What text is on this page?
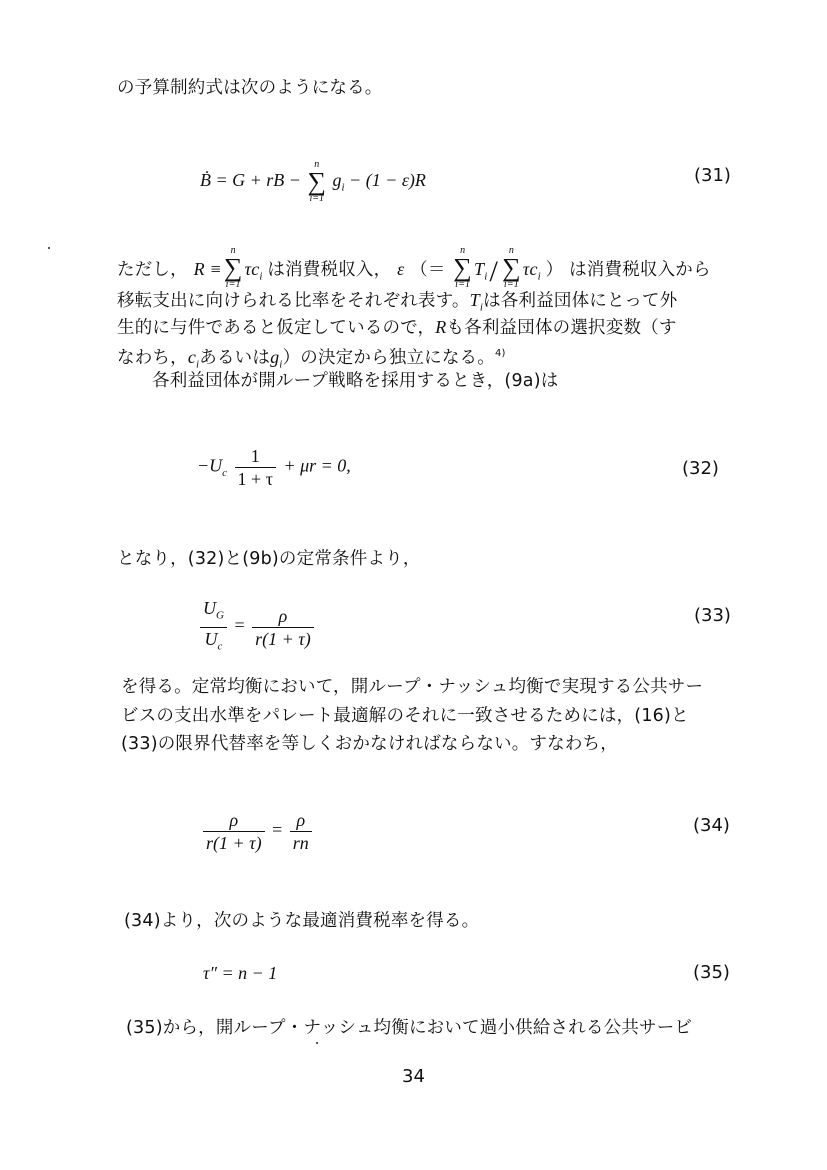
の予算制約式は次のようになる。
Ḃ = G + rB −
n
∑
i=1
$g_i - (1 - \varepsilon)R$	(31)
ただし， R ≡
n
∑
i=1
$\tau c_i$ は消費税収入， ε （＝
n
∑
i=1
$T_i/$
n
∑
i=1
$\tau c_i$ ） は消費税収入から
移転支出に向けられる比率をそれぞれ表す。$T_i$は各利益団体にとって外
生的に与件であると仮定しているので，Rも各利益団体の選択変数（す
なわち，$c_i$あるいは$g_i$）の決定から独立になる。$^{4)}$
各利益団体が開ループ戦略を採用するとき，(9a)は
$-U_c \frac{1}{1 + \tau} + \mu r = 0$,	(32)
となり，(32)と(9b)の定常条件より，
$\frac{U_G}{U_c} = \frac{\rho}{r(1 + \tau)}$	(33)
を得る。定常均衡において，開ループ・ナッシュ均衡で実現する公共サー
ビスの支出水準をパレート最適解のそれに一致させるためには，(16)と
(33)の限界代替率を等しくおかなければならない。すなわち，
$\frac{\rho}{r(1 + \tau)} = \frac{\rho}{rn}$	(34)
(34)より，次のような最適消費税率を得る。
τ″ = n − 1	(35)
(35)から，開ループ・ナッシュ均衡において過小供給される公共サービ
34
